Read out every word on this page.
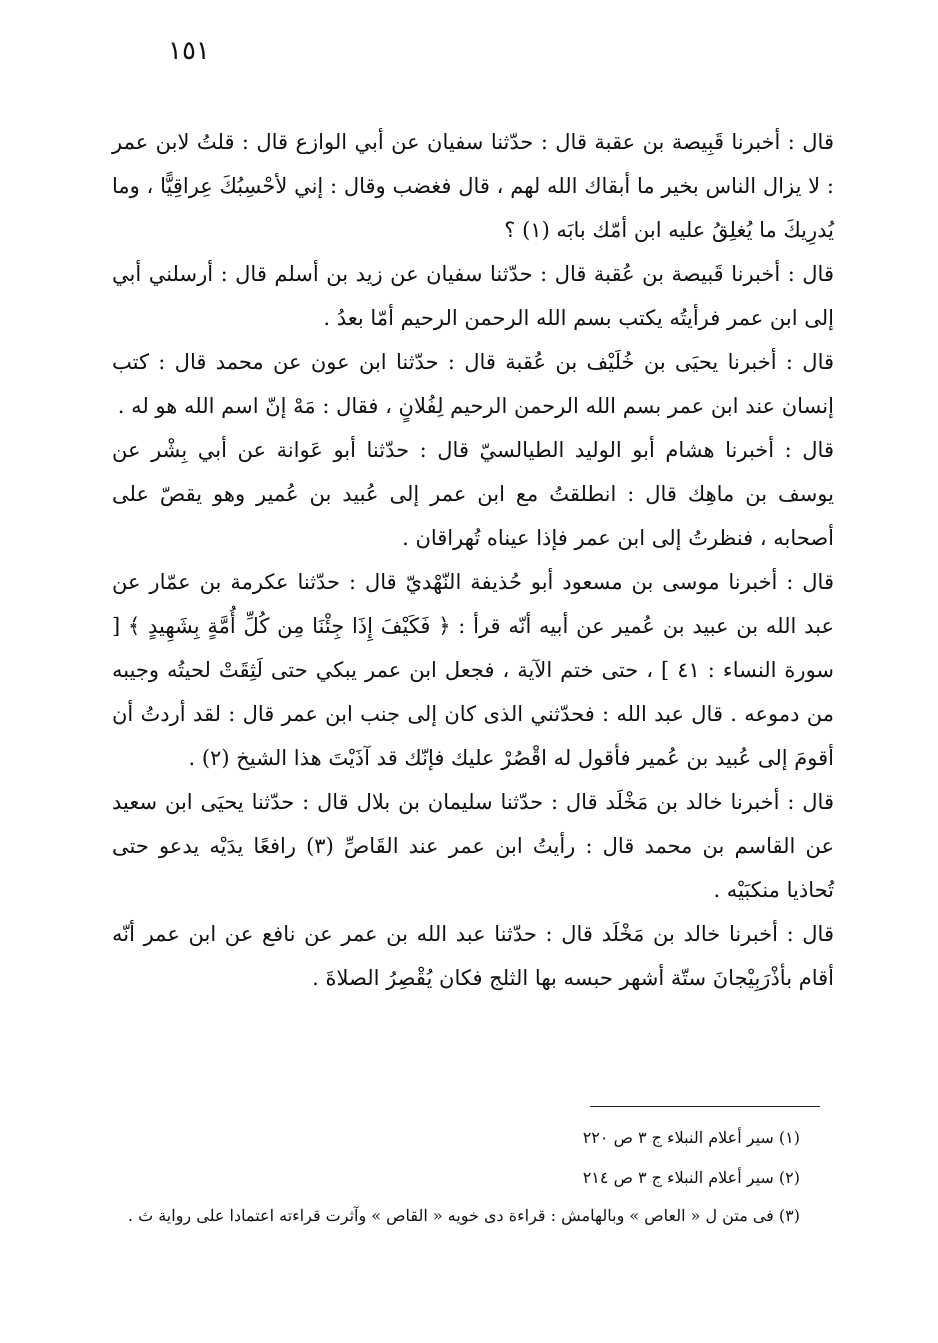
١٥١

قال : أخبرنا قَبِيصة بن عقبة قال : حدّثنا سفيان عن أبي الوازع قال : قلتُ لابن عمر : لا يزال الناس بخير ما أبقاك الله لهم ، قال فغضب وقال : إني لأحْسِبُكَ عِراقِيًّا ، وما يُدرِيكَ ما يُغلِقُ عليه ابن أمّك بابَه (١) ؟

قال : أخبرنا قَبيصة بن عُقبة قال : حدّثنا سفيان عن زيد بن أسلم قال : أرسلني أبي إلى ابن عمر فرأيتُه يكتب بسم الله الرحمن الرحيم أمّا بعدُ .

قال : أخبرنا يحيَى بن خُلَيْف بن عُقبة قال : حدّثنا ابن عون عن محمد قال : كتب إنسان عند ابن عمر بسم الله الرحمن الرحيم لِفُلانٍ ، فقال : مَهْ إنّ اسم الله هو له .

قال : أخبرنا هشام أبو الوليد الطيالسيّ قال : حدّثنا أبو عَوانة عن أبي بِشْر عن يوسف بن ماهِك قال : انطلقتُ مع ابن عمر إلى عُبيد بن عُمير وهو يقصّ على أصحابه ، فنظرتُ إلى ابن عمر فإذا عيناه تُهراقان .

قال : أخبرنا موسى بن مسعود أبو حُذيفة النّهْديّ قال : حدّثنا عكرمة بن عمّار عن عبد الله بن عبيد بن عُمير عن أبيه أنّه قرأ : ﴿ فَكَيْفَ إِذَا جِئْنَا مِن كُلِّ أُمَّةٍ بِشَهِيدٍ ﴾ [ سورة النساء : ٤١ ] ، حتى ختم الآية ، فجعل ابن عمر يبكي حتى لَثِقَتْ لحيتُه وجيبه من دموعه . قال عبد الله : فحدّثني الذى كان إلى جنب ابن عمر قال : لقد أردتُ أن أقومَ إلى عُبيد بن عُمير فأقول له اقْصُرْ عليك فإنّك قد آذَيْتَ هذا الشيخ (٢) .

قال : أخبرنا خالد بن مَخْلَد قال : حدّثنا سليمان بن بلال قال : حدّثنا يحيَى ابن سعيد عن القاسم بن محمد قال : رأيتُ ابن عمر عند القَاصِّ (٣) رافعًا يدَيْه يدعو حتى تُحاذيا منكبَيْه .

قال : أخبرنا خالد بن مَخْلَد قال : حدّثنا عبد الله بن عمر عن نافع عن ابن عمر أنّه أقام بأذْرَبِيْجانَ ستّة أشهر حبسه بها الثلج فكان يُقْصِرُ الصلاةَ .

(١) سير أعلام النبلاء ج ٣ ص ٢٢٠

(٢) سير أعلام النبلاء ج ٣ ص ٢١٤

(٣) فى متن ل « العاص » وبالهامش : قراءة دى خويه « القاص » وآثرت قراءته اعتمادا على رواية ث .
